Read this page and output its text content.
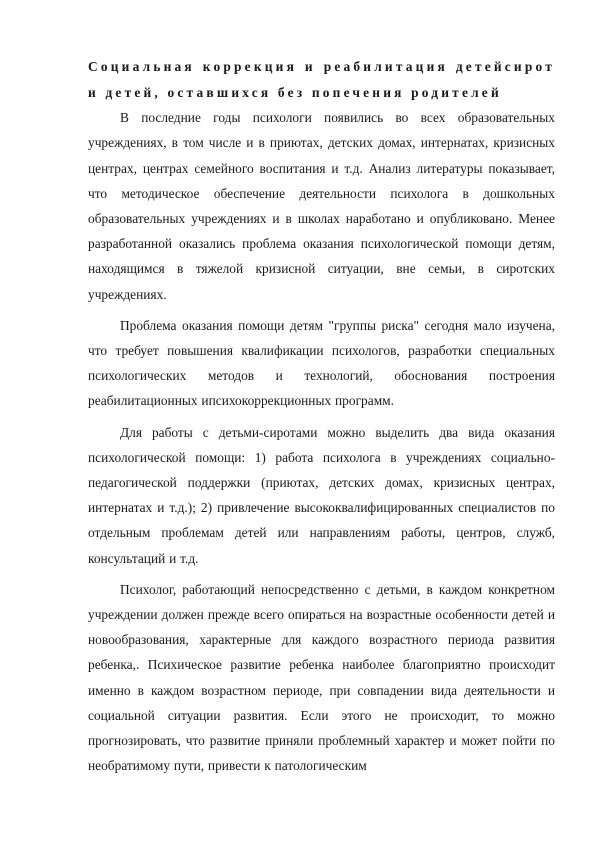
Социальная коррекция и реабилитация детейсирот и детей, оставшихся без попечения родителей

В последние годы психологи появились во всех образовательных учреждениях, в том числе и в приютах, детских домах, интернатах, кризисных центрах, центрах семейного воспитания и т.д. Анализ литературы показывает, что методическое обеспечение деятельности психолога в дошкольных образовательных учреждениях и в школах наработано и опубликовано. Менее разработанной оказались проблема оказания психологической помощи детям, находящимся в тяжелой кризисной ситуации, вне семьи, в сиротских учреждениях.

Проблема оказания помощи детям "группы риска" сегодня мало изучена, что требует повышения квалификации психологов, разработки специальных психологических методов и технологий, обоснования построения реабилитационных ипсихокоррекционных программ.

Для работы с детьми-сиротами можно выделить два вида оказания психологической помощи: 1) работа психолога в учреждениях социально-педагогической поддержки (приютах, детских домах, кризисных центрах, интернатах и т.д.); 2) привлечение высококвалифицированных специалистов по отдельным проблемам детей или направлениям работы, центров, служб, консультаций и т.д.

Психолог, работающий непосредственно с детьми, в каждом конкретном учреждении должен прежде всего опираться на возрастные особенности детей и новообразования, характерные для каждого возрастного периода развития ребенка,. Психическое развитие ребенка наиболее благоприятно происходит именно в каждом возрастном периоде, при совпадении вида деятельности и социальной ситуации развития. Если этого не происходит, то можно прогнозировать, что развитие приняли проблемный характер и может пойти по необратимому пути, привести к патологическим
